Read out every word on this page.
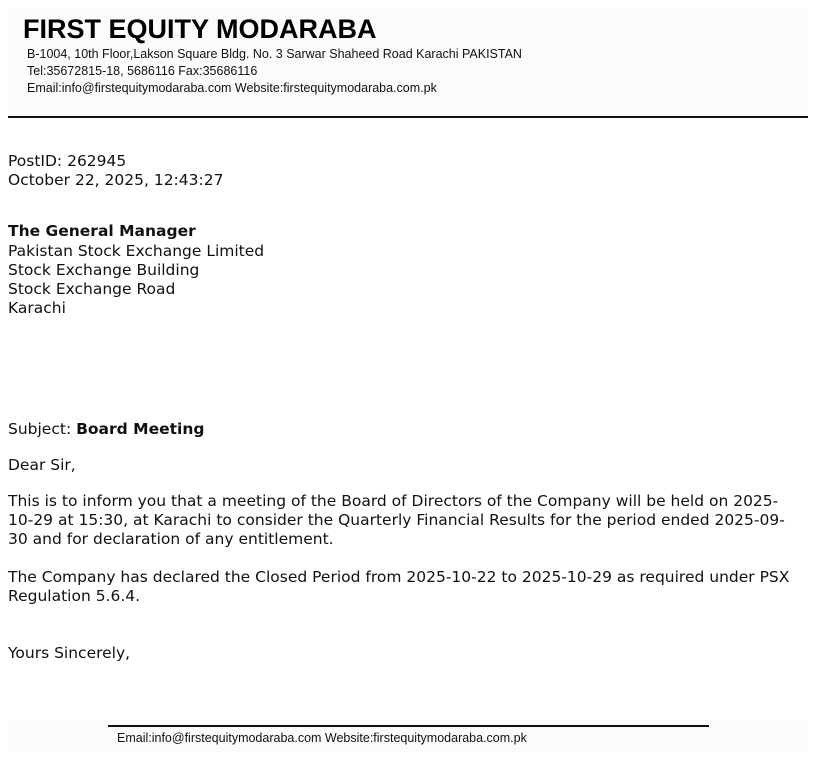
FIRST EQUITY MODARABA
B-1004, 10th Floor,Lakson Square Bldg. No. 3 Sarwar Shaheed Road Karachi PAKISTAN
Tel:35672815-18, 5686116 Fax:35686116
Email:info@firstequitymodaraba.com Website:firstequitymodaraba.com.pk
PostID: 262945
October 22, 2025, 12:43:27
The General Manager
Pakistan Stock Exchange Limited
Stock Exchange Building
Stock Exchange Road
Karachi
Subject: Board Meeting
Dear Sir,
This is to inform you that a meeting of the Board of Directors of the Company will be held on 2025-10-29 at 15:30, at Karachi to consider the Quarterly Financial Results for the period ended 2025-09-30 and for declaration of any entitlement.
The Company has declared the Closed Period from 2025-10-22 to 2025-10-29 as required under PSX Regulation 5.6.4.
Yours Sincerely,
Email:info@firstequitymodaraba.com Website:firstequitymodaraba.com.pk
